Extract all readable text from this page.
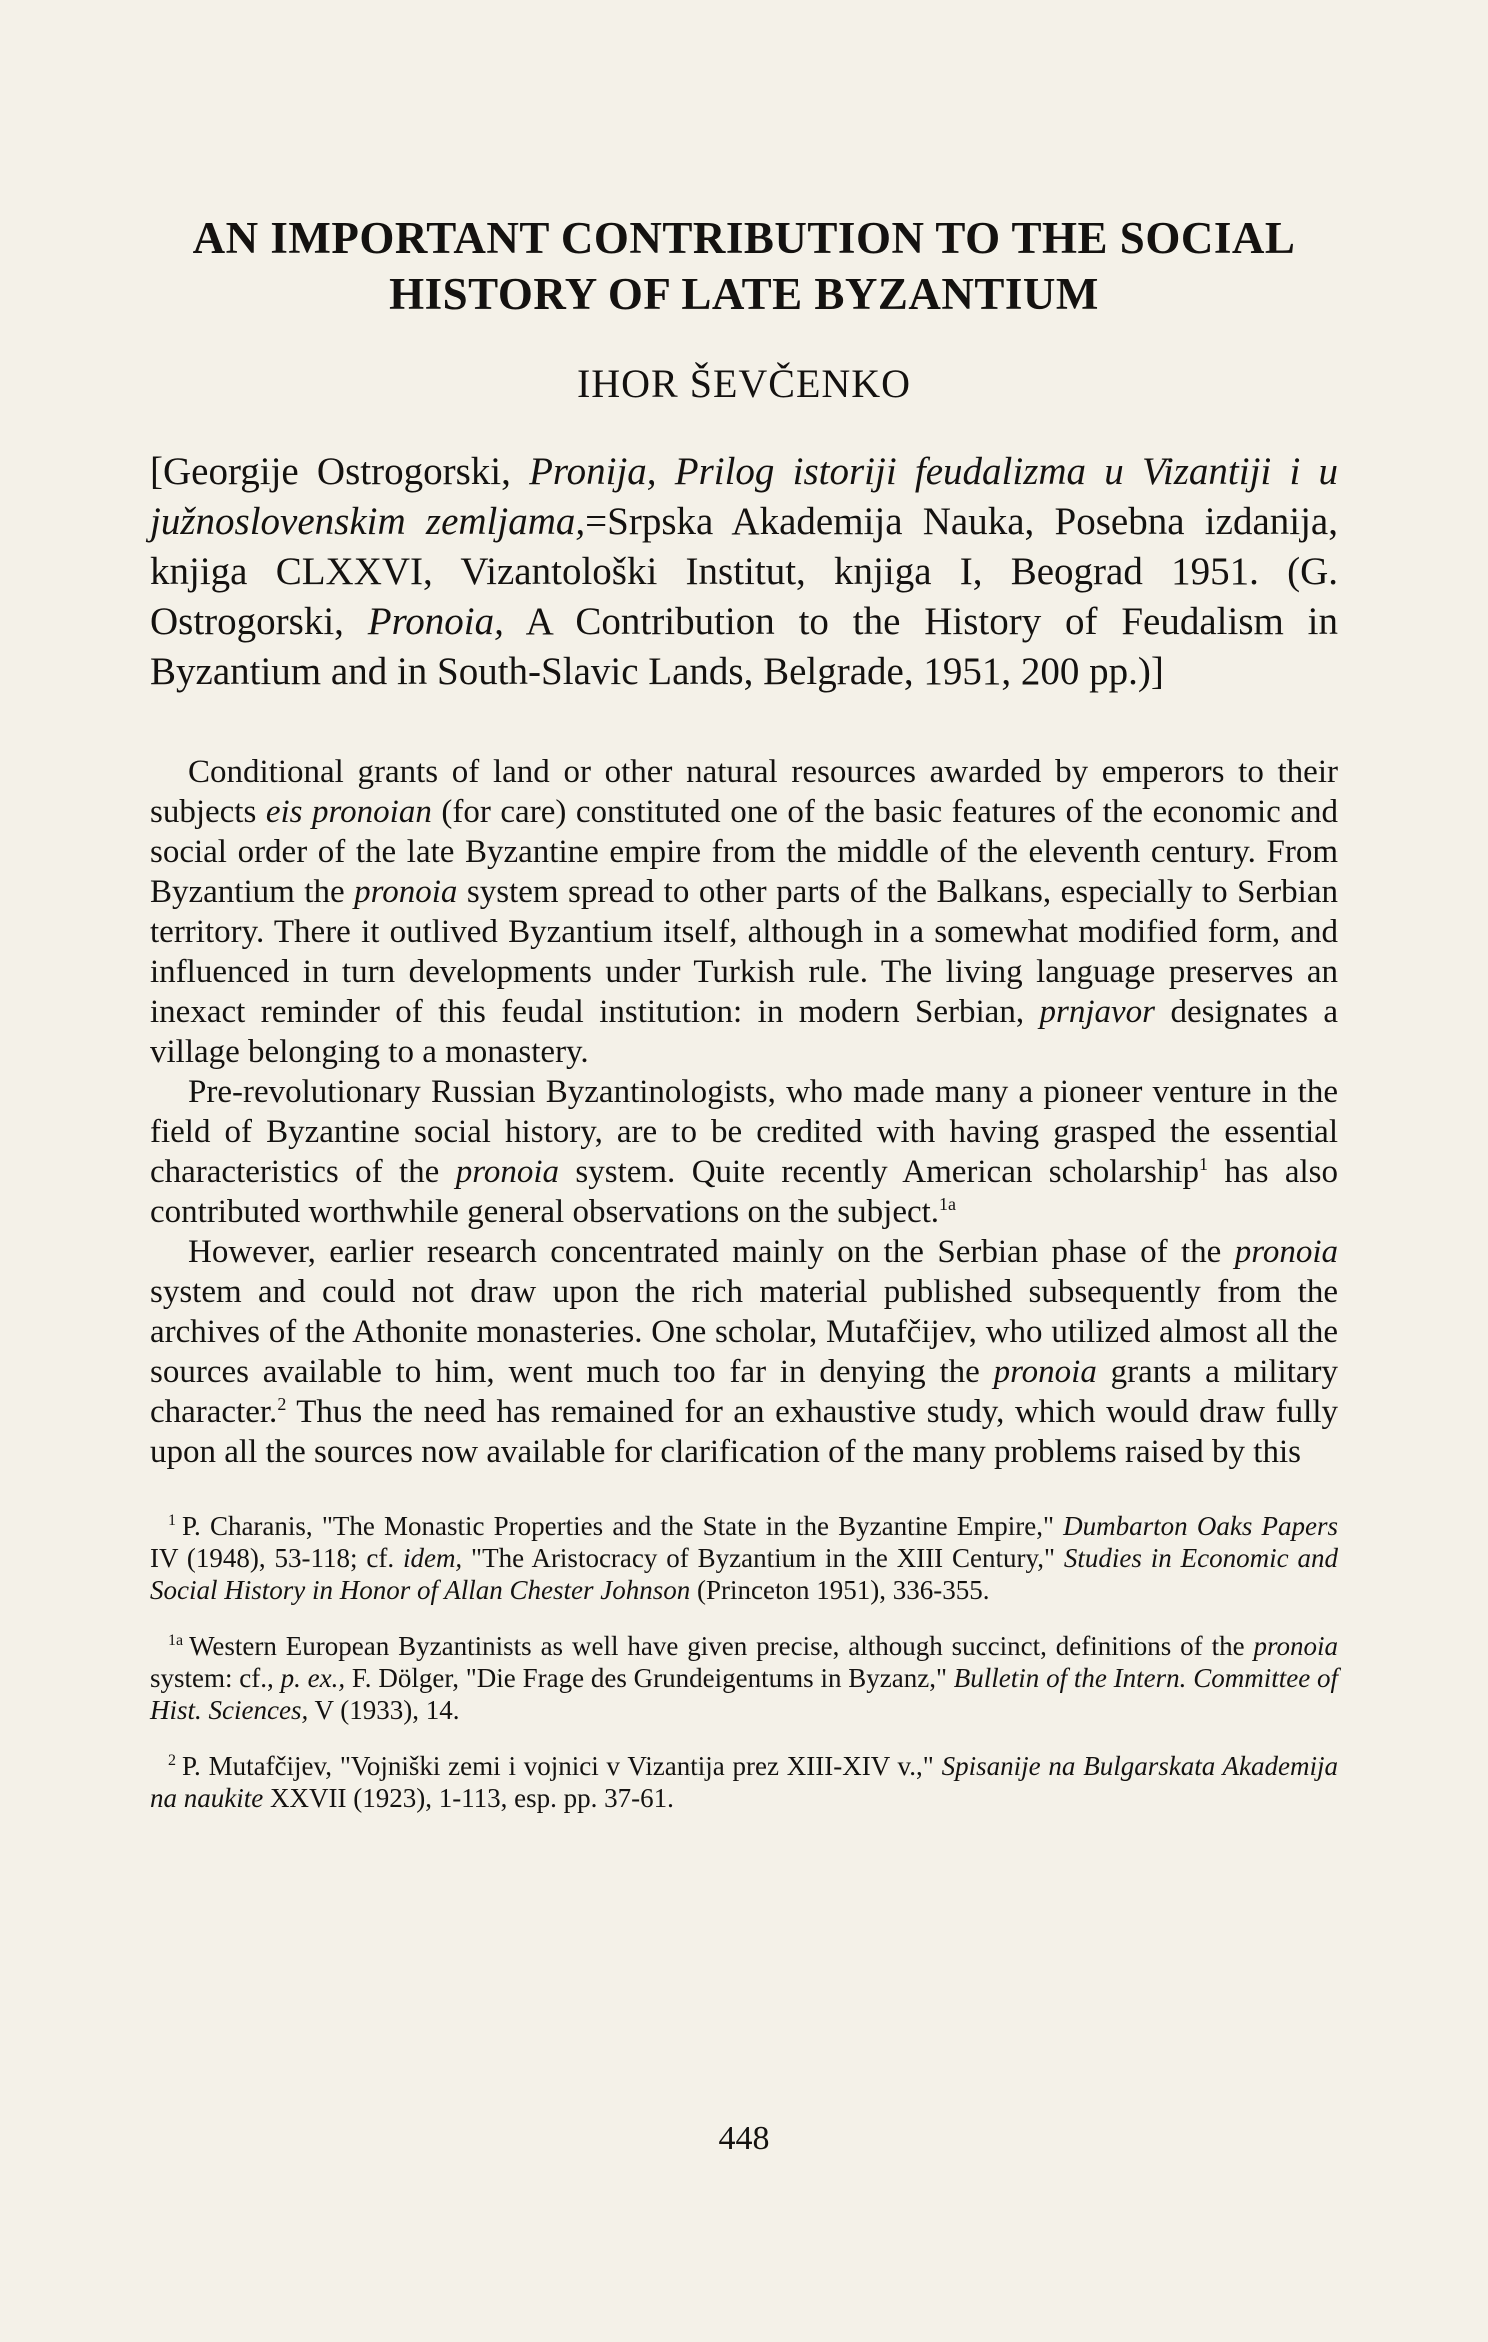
AN IMPORTANT CONTRIBUTION TO THE SOCIAL
HISTORY OF LATE BYZANTIUM
IHOR ŠEVČENKO
[Georgije Ostrogorski, Pronija, Prilog istoriji feudalizma u Vizantiji i u južnoslovenskim zemljama,=Srpska Akademija Nauka, Posebna izdanija, knjiga CLXXVI, Vizantološki Institut, knjiga I, Beograd 1951. (G. Ostrogorski, Pronoia, A Contribution to the History of Feudalism in Byzantium and in South-Slavic Lands, Belgrade, 1951, 200 pp.)]

Conditional grants of land or other natural resources awarded by emperors to their subjects eis pronoian (for care) constituted one of the basic features of the economic and social order of the late Byzantine empire from the middle of the eleventh century. From Byzantium the pronoia system spread to other parts of the Balkans, especially to Serbian territory. There it outlived Byzantium itself, although in a somewhat modified form, and influenced in turn developments under Turkish rule. The living language preserves an inexact reminder of this feudal institution: in modern Serbian, prnjavor designates a village belonging to a monastery.

Pre-revolutionary Russian Byzantinologists, who made many a pioneer venture in the field of Byzantine social history, are to be credited with having grasped the essential characteristics of the pronoia system. Quite recently American scholarship$^1$ has also contributed worthwhile general observations on the subject.$^{1a}$

However, earlier research concentrated mainly on the Serbian phase of the pronoia system and could not draw upon the rich material published subsequently from the archives of the Athonite monasteries. One scholar, Mutafčijev, who utilized almost all the sources available to him, went much too far in denying the pronoia grants a military character.$^2$ Thus the need has remained for an exhaustive study, which would draw fully upon all the sources now available for clarification of the many problems raised by this

$^1$ P. Charanis, "The Monastic Properties and the State in the Byzantine Empire," Dumbarton Oaks Papers IV (1948), 53-118; cf. idem, "The Aristocracy of Byzantium in the XIII Century," Studies in Economic and Social History in Honor of Allan Chester Johnson (Princeton 1951), 336-355.

$^{1a}$ Western European Byzantinists as well have given precise, although succinct, definitions of the pronoia system: cf., p. ex., F. Dölger, "Die Frage des Grundeigentums in Byzanz," Bulletin of the Intern. Committee of Hist. Sciences, V (1933), 14.

$^2$ P. Mutafčijev, "Vojniški zemi i vojnici v Vizantija prez XIII-XIV v.," Spisanije na Bulgarskata Akademija na naukite XXVII (1923), 1-113, esp. pp. 37-61.

448
